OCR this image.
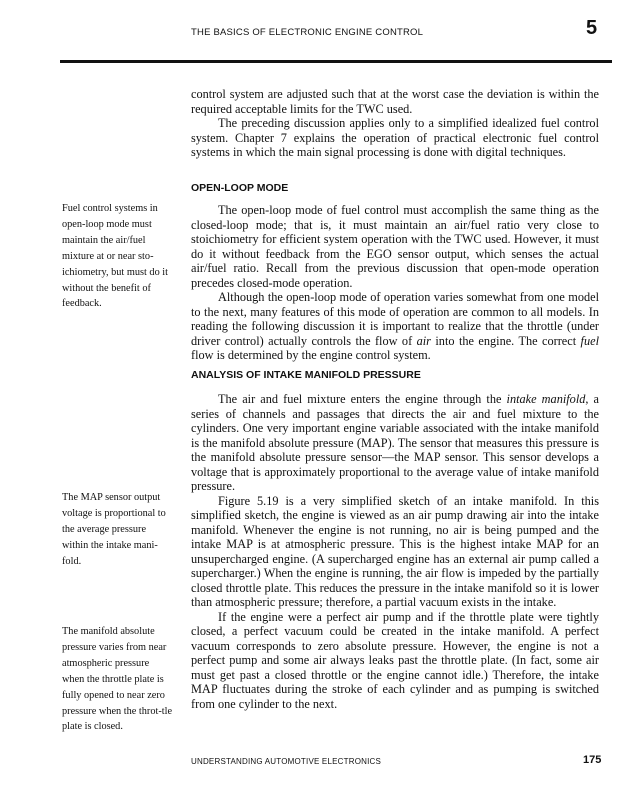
THE BASICS OF ELECTRONIC ENGINE CONTROL	5

control system are adjusted such that at the worst case the deviation is within the required acceptable limits for the TWC used.

The preceding discussion applies only to a simplified idealized fuel control system. Chapter 7 explains the operation of practical electronic fuel control systems in which the main signal processing is done with digital techniques.

OPEN-LOOP MODE

The open-loop mode of fuel control must accomplish the same thing as the closed-loop mode; that is, it must maintain an air/fuel ratio very close to stoichiometry for efficient system operation with the TWC used. However, it must do it without feedback from the EGO sensor output, which senses the actual air/fuel ratio. Recall from the previous discussion that open-mode operation precedes closed-mode operation.

Although the open-loop mode of operation varies somewhat from one model to the next, many features of this mode of operation are common to all models. In reading the following discussion it is important to realize that the throttle (under driver control) actually controls the flow of air into the engine. The correct fuel flow is determined by the engine control system.

ANALYSIS OF INTAKE MANIFOLD PRESSURE

The air and fuel mixture enters the engine through the intake manifold, a series of channels and passages that directs the air and fuel mixture to the cylinders. One very important engine variable associated with the intake manifold is the manifold absolute pressure (MAP). The sensor that measures this pressure is the manifold absolute pressure sensor—the MAP sensor. This sensor develops a voltage that is approximately proportional to the average value of intake manifold pressure.

Figure 5.19 is a very simplified sketch of an intake manifold. In this simplified sketch, the engine is viewed as an air pump drawing air into the intake manifold. Whenever the engine is not running, no air is being pumped and the intake MAP is at atmospheric pressure. This is the highest intake MAP for an unsupercharged engine. (A supercharged engine has an external air pump called a supercharger.) When the engine is running, the air flow is impeded by the partially closed throttle plate. This reduces the pressure in the intake manifold so it is lower than atmospheric pressure; therefore, a partial vacuum exists in the intake.

If the engine were a perfect air pump and if the throttle plate were tightly closed, a perfect vacuum could be created in the intake manifold. A perfect vacuum corresponds to zero absolute pressure. However, the engine is not a perfect pump and some air always leaks past the throttle plate. (In fact, some air must get past a closed throttle or the engine cannot idle.) Therefore, the intake MAP fluctuates during the stroke of each cylinder and as pumping is switched from one cylinder to the next.

Fuel control systems in open-loop mode must maintain the air/fuel mixture at or near sto-ichiometry, but must do it without the benefit of feedback.
The MAP sensor output voltage is proportional to the average pressure within the intake mani-fold.
The manifold absolute pressure varies from near atmospheric pressure when the throttle plate is fully opened to near zero pressure when the throt-tle plate is closed.
UNDERSTANDING AUTOMOTIVE ELECTRONICS	175
